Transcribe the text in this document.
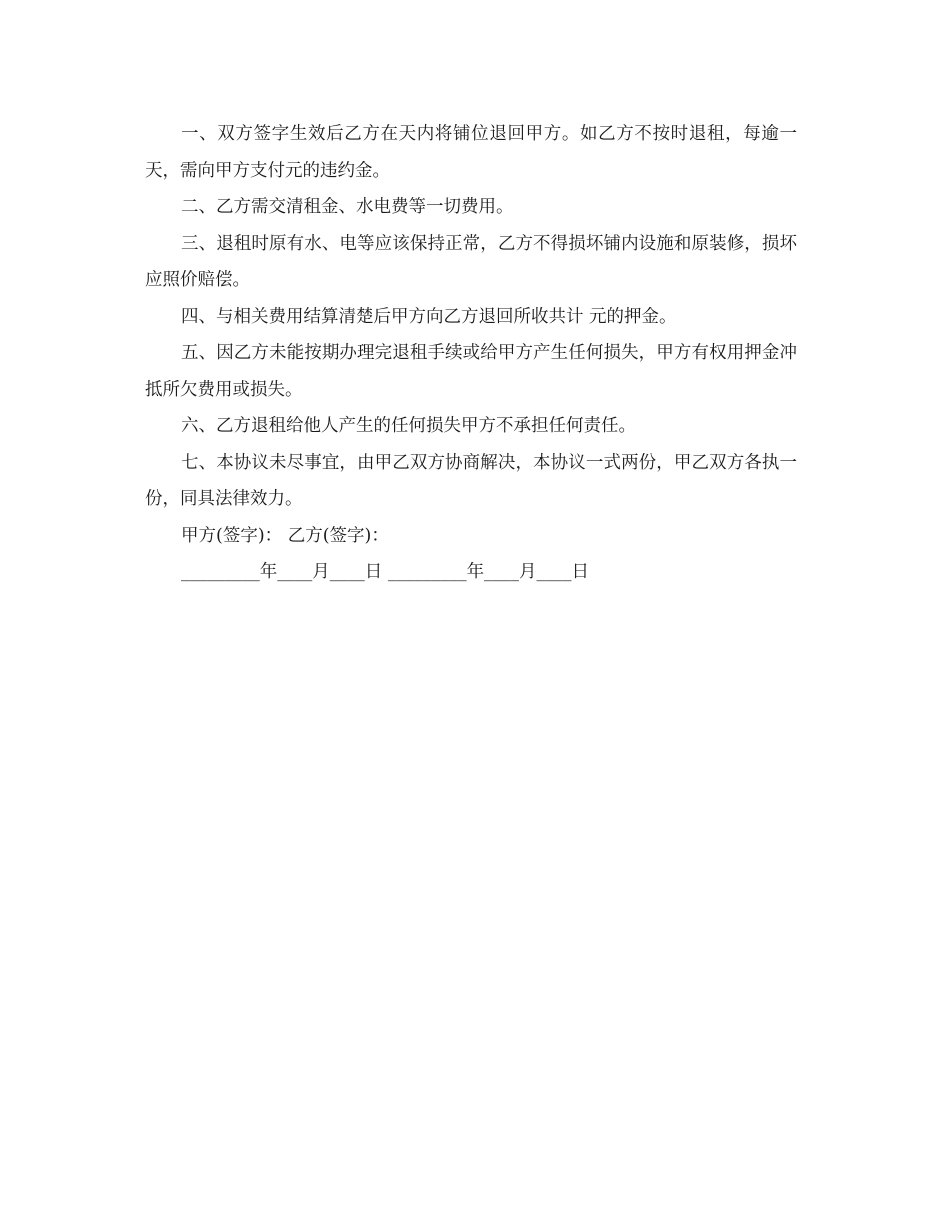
一、双方签字生效后乙方在天内将铺位退回甲方。如乙方不按时退租，每逾一天，需向甲方支付元的违约金。

二、乙方需交清租金、水电费等一切费用。

三、退租时原有水、电等应该保持正常，乙方不得损坏铺内设施和原装修，损坏应照价赔偿。

四、与相关费用结算清楚后甲方向乙方退回所收共计 元的押金。

五、因乙方未能按期办理完退租手续或给甲方产生任何损失，甲方有权用押金冲抵所欠费用或损失。

六、乙方退租给他人产生的任何损失甲方不承担任何责任。

七、本协议未尽事宜，由甲乙双方协商解决，本协议一式两份，甲乙双方各执一份，同具法律效力。

甲方(签字)： 乙方(签字)：

_________年____月____日 _________年____月____日
